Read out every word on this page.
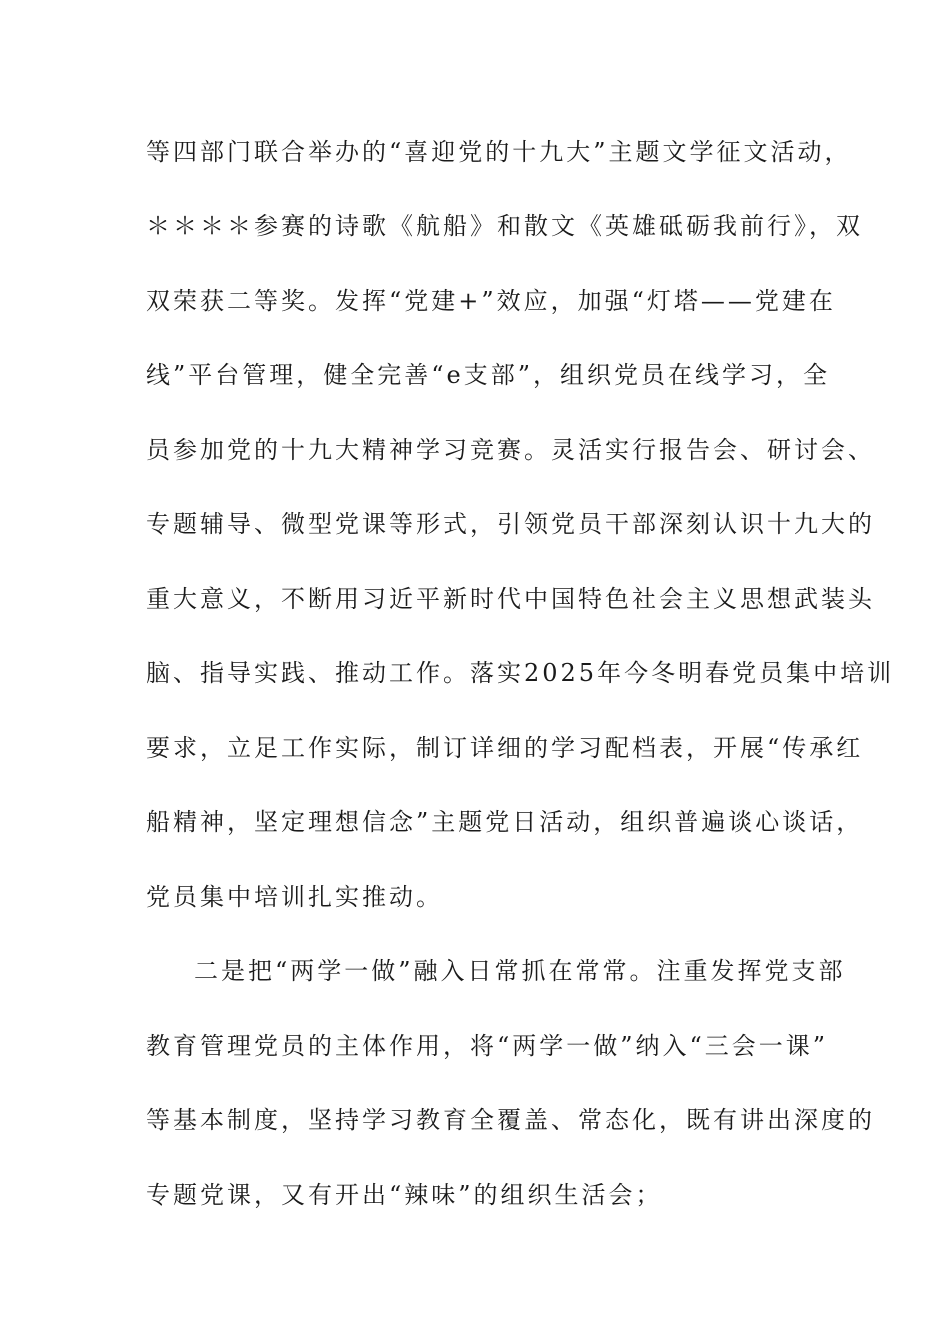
等四部门联合举办的“喜迎党的十九大”主题文学征文活动，
＊＊＊＊参赛的诗歌《航船》和散文《英雄砥砺我前行》，双
双荣获二等奖。发挥“党建+”效应，加强“灯塔——党建在
线”平台管理，健全完善“e支部”，组织党员在线学习，全
员参加党的十九大精神学习竞赛。灵活实行报告会、研讨会、
专题辅导、微型党课等形式，引领党员干部深刻认识十九大的
重大意义，不断用习近平新时代中国特色社会主义思想武装头
脑、指导实践、推动工作。落实2025年今冬明春党员集中培训
要求，立足工作实际，制订详细的学习配档表，开展“传承红
船精神，坚定理想信念”主题党日活动，组织普遍谈心谈话，
党员集中培训扎实推动。
二是把“两学一做”融入日常抓在常常。注重发挥党支部
教育管理党员的主体作用，将“两学一做”纳入“三会一课”
等基本制度，坚持学习教育全覆盖、常态化，既有讲出深度的
专题党课，又有开出“辣味”的组织生活会；
